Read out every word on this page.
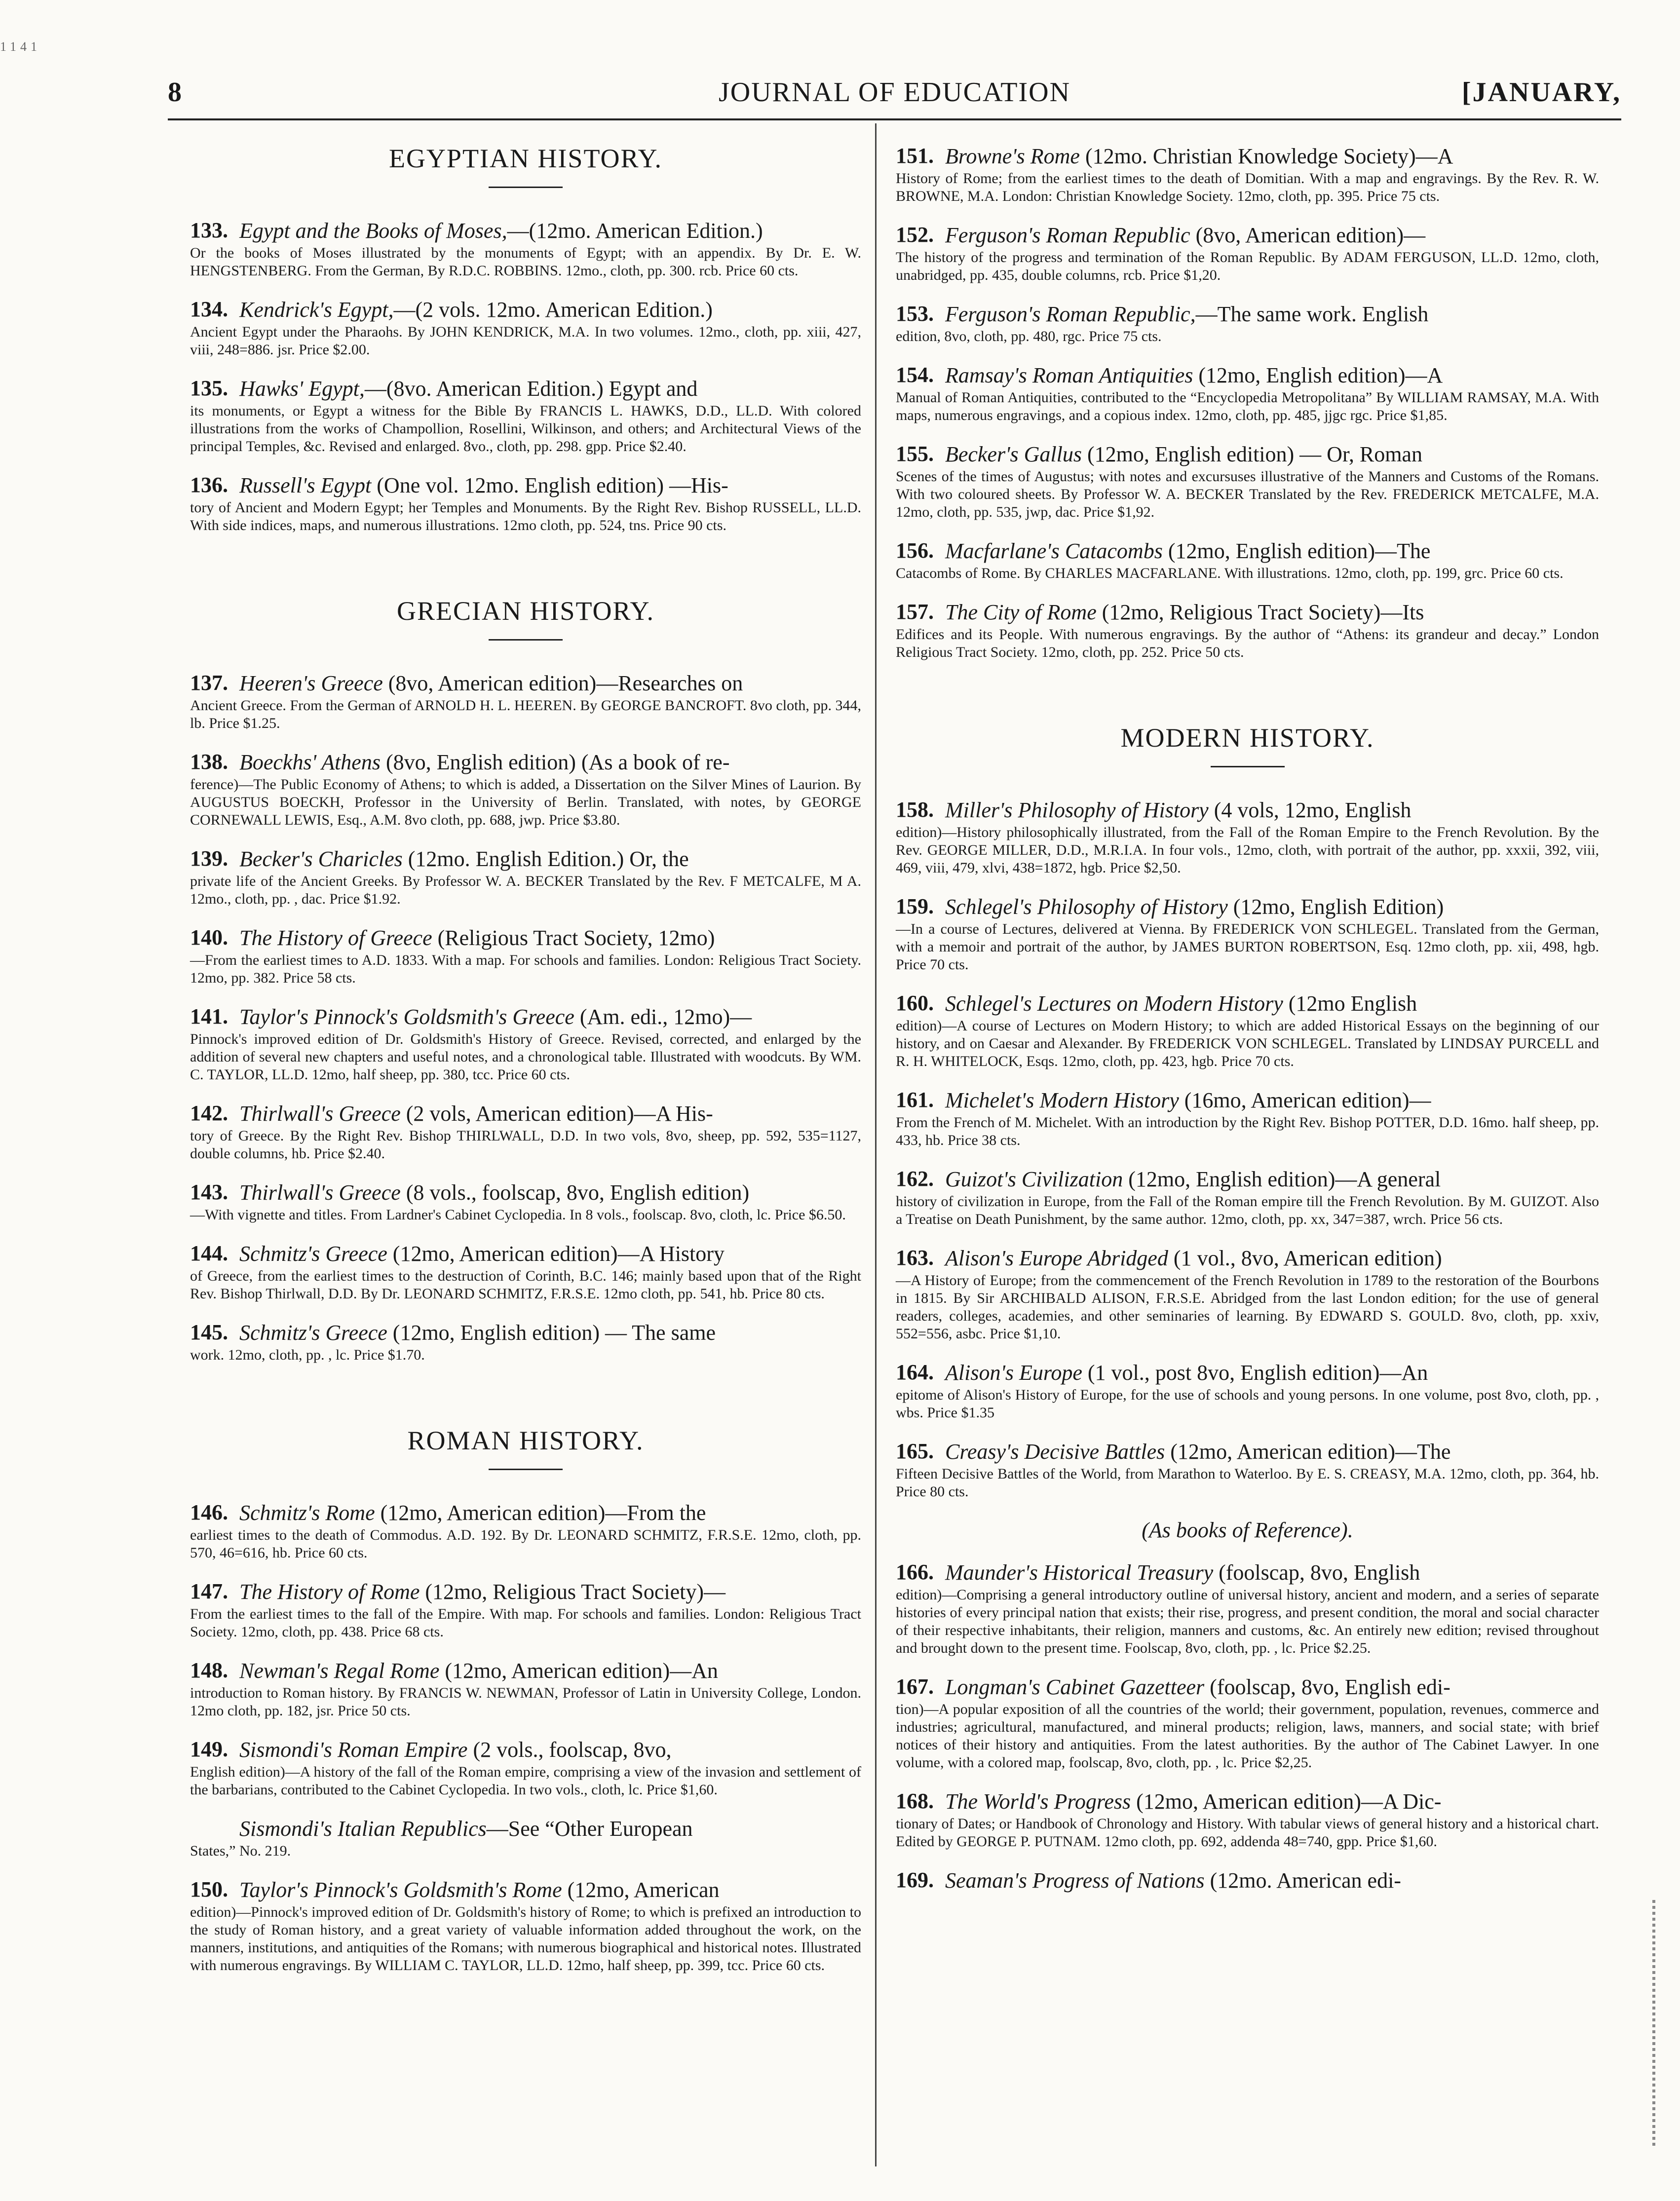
1141
8	JOURNAL OF EDUCATION	[JANUARY,
EGYPTIAN HISTORY.
133. Egypt and the Books of Moses,—(12mo. American Edition.)
Or the books of Moses illustrated by the monuments of Egypt; with an appendix. By Dr. E. W. HENGSTENBERG. From the German, By R.D.C. ROBBINS. 12mo., cloth, pp. 300. rcb. Price 60 cts.
134. Kendrick's Egypt,—(2 vols. 12mo. American Edition.)
Ancient Egypt under the Pharaohs. By JOHN KENDRICK, M.A. In two volumes. 12mo., cloth, pp. xiii, 427, viii, 248=886. jsr. Price $2.00.
135. Hawks' Egypt,—(8vo. American Edition.) Egypt and
its monuments, or Egypt a witness for the Bible By FRANCIS L. HAWKS, D.D., LL.D. With colored illustrations from the works of Champollion, Rosellini, Wilkinson, and others; and Architectural Views of the principal Temples, &c. Revised and enlarged. 8vo., cloth, pp. 298. gpp. Price $2.40.
136. Russell's Egypt (One vol. 12mo. English edition) —His-
tory of Ancient and Modern Egypt; her Temples and Monuments. By the Right Rev. Bishop RUSSELL, LL.D. With side indices, maps, and numerous illustrations. 12mo cloth, pp. 524, tns. Price 90 cts.
GRECIAN HISTORY.
137. Heeren's Greece (8vo, American edition)—Researches on
Ancient Greece. From the German of ARNOLD H. L. HEEREN. By GEORGE BANCROFT. 8vo cloth, pp. 344, lb. Price $1.25.
138. Boeckhs' Athens (8vo, English edition) (As a book of re-
ference)—The Public Economy of Athens; to which is added, a Dissertation on the Silver Mines of Laurion. By AUGUSTUS BOECKH, Professor in the University of Berlin. Translated, with notes, by GEORGE CORNEWALL LEWIS, Esq., A.M. 8vo cloth, pp. 688, jwp. Price $3.80.
139. Becker's Charicles (12mo. English Edition.) Or, the
private life of the Ancient Greeks. By Professor W. A. BECKER Translated by the Rev. F METCALFE, M A. 12mo., cloth, pp. , dac. Price $1.92.
140. The History of Greece (Religious Tract Society, 12mo)
—From the earliest times to A.D. 1833. With a map. For schools and families. London: Religious Tract Society. 12mo, pp. 382. Price 58 cts.
141. Taylor's Pinnock's Goldsmith's Greece (Am. edi., 12mo)—
Pinnock's improved edition of Dr. Goldsmith's History of Greece. Revised, corrected, and enlarged by the addition of several new chapters and useful notes, and a chronological table. Illustrated with woodcuts. By WM. C. TAYLOR, LL.D. 12mo, half sheep, pp. 380, tcc. Price 60 cts.
142. Thirlwall's Greece (2 vols, American edition)—A His-
tory of Greece. By the Right Rev. Bishop THIRLWALL, D.D. In two vols, 8vo, sheep, pp. 592, 535=1127, double columns, hb. Price $2.40.
143. Thirlwall's Greece (8 vols., foolscap, 8vo, English edition)
—With vignette and titles. From Lardner's Cabinet Cyclopedia. In 8 vols., foolscap. 8vo, cloth, lc. Price $6.50.
144. Schmitz's Greece (12mo, American edition)—A History
of Greece, from the earliest times to the destruction of Corinth, B.C. 146; mainly based upon that of the Right Rev. Bishop Thirlwall, D.D. By Dr. LEONARD SCHMITZ, F.R.S.E. 12mo cloth, pp. 541, hb. Price 80 cts.
145. Schmitz's Greece (12mo, English edition) — The same
work. 12mo, cloth, pp. , lc. Price $1.70.
ROMAN HISTORY.
146. Schmitz's Rome (12mo, American edition)—From the
earliest times to the death of Commodus. A.D. 192. By Dr. LEONARD SCHMITZ, F.R.S.E. 12mo, cloth, pp. 570, 46=616, hb. Price 60 cts.
147. The History of Rome (12mo, Religious Tract Society)—
From the earliest times to the fall of the Empire. With map. For schools and families. London: Religious Tract Society. 12mo, cloth, pp. 438. Price 68 cts.
148. Newman's Regal Rome (12mo, American edition)—An
introduction to Roman history. By FRANCIS W. NEWMAN, Professor of Latin in University College, London. 12mo cloth, pp. 182, jsr. Price 50 cts.
149. Sismondi's Roman Empire (2 vols., foolscap, 8vo,
English edition)—A history of the fall of the Roman empire, comprising a view of the invasion and settlement of the barbarians, contributed to the Cabinet Cyclopedia. In two vols., cloth, lc. Price $1,60.
Sismondi's Italian Republics—See “Other European
States,” No. 219.
150. Taylor's Pinnock's Goldsmith's Rome (12mo, American
edition)—Pinnock's improved edition of Dr. Goldsmith's history of Rome; to which is prefixed an introduction to the study of Roman history, and a great variety of valuable information added throughout the work, on the manners, institutions, and antiquities of the Romans; with numerous biographical and historical notes. Illustrated with numerous engravings. By WILLIAM C. TAYLOR, LL.D. 12mo, half sheep, pp. 399, tcc. Price 60 cts.
151. Browne's Rome (12mo. Christian Knowledge Society)—A
History of Rome; from the earliest times to the death of Domitian. With a map and engravings. By the Rev. R. W. BROWNE, M.A. London: Christian Knowledge Society. 12mo, cloth, pp. 395. Price 75 cts.
152. Ferguson's Roman Republic (8vo, American edition)—
The history of the progress and termination of the Roman Republic. By ADAM FERGUSON, LL.D. 12mo, cloth, unabridged, pp. 435, double columns, rcb. Price $1,20.
153. Ferguson's Roman Republic,—The same work. English
edition, 8vo, cloth, pp. 480, rgc. Price 75 cts.
154. Ramsay's Roman Antiquities (12mo, English edition)—A
Manual of Roman Antiquities, contributed to the “Encyclopedia Metropolitana” By WILLIAM RAMSAY, M.A. With maps, numerous engravings, and a copious index. 12mo, cloth, pp. 485, jjgc rgc. Price $1,85.
155. Becker's Gallus (12mo, English edition) — Or, Roman
Scenes of the times of Augustus; with notes and excursuses illustrative of the Manners and Customs of the Romans. With two coloured sheets. By Professor W. A. BECKER Translated by the Rev. FREDERICK METCALFE, M.A. 12mo, cloth, pp. 535, jwp, dac. Price $1,92.
156. Macfarlane's Catacombs (12mo, English edition)—The
Catacombs of Rome. By CHARLES MACFARLANE. With illustrations. 12mo, cloth, pp. 199, grc. Price 60 cts.
157. The City of Rome (12mo, Religious Tract Society)—Its
Edifices and its People. With numerous engravings. By the author of “Athens: its grandeur and decay.” London Religious Tract Society. 12mo, cloth, pp. 252. Price 50 cts.
MODERN HISTORY.
158. Miller's Philosophy of History (4 vols, 12mo, English
edition)—History philosophically illustrated, from the Fall of the Roman Empire to the French Revolution. By the Rev. GEORGE MILLER, D.D., M.R.I.A. In four vols., 12mo, cloth, with portrait of the author, pp. xxxii, 392, viii, 469, viii, 479, xlvi, 438=1872, hgb. Price $2,50.
159. Schlegel's Philosophy of History (12mo, English Edition)
—In a course of Lectures, delivered at Vienna. By FREDERICK VON SCHLEGEL. Translated from the German, with a memoir and portrait of the author, by JAMES BURTON ROBERTSON, Esq. 12mo cloth, pp. xii, 498, hgb. Price 70 cts.
160. Schlegel's Lectures on Modern History (12mo English
edition)—A course of Lectures on Modern History; to which are added Historical Essays on the beginning of our history, and on Caesar and Alexander. By FREDERICK VON SCHLEGEL. Translated by LINDSAY PURCELL and R. H. WHITELOCK, Esqs. 12mo, cloth, pp. 423, hgb. Price 70 cts.
161. Michelet's Modern History (16mo, American edition)—
From the French of M. Michelet. With an introduction by the Right Rev. Bishop POTTER, D.D. 16mo. half sheep, pp. 433, hb. Price 38 cts.
162. Guizot's Civilization (12mo, English edition)—A general
history of civilization in Europe, from the Fall of the Roman empire till the French Revolution. By M. GUIZOT. Also a Treatise on Death Punishment, by the same author. 12mo, cloth, pp. xx, 347=387, wrch. Price 56 cts.
163. Alison's Europe Abridged (1 vol., 8vo, American edition)
—A History of Europe; from the commencement of the French Revolution in 1789 to the restoration of the Bourbons in 1815. By Sir ARCHIBALD ALISON, F.R.S.E. Abridged from the last London edition; for the use of general readers, colleges, academies, and other seminaries of learning. By EDWARD S. GOULD. 8vo, cloth, pp. xxiv, 552=556, asbc. Price $1,10.
164. Alison's Europe (1 vol., post 8vo, English edition)—An
epitome of Alison's History of Europe, for the use of schools and young persons. In one volume, post 8vo, cloth, pp. , wbs. Price $1.35
165. Creasy's Decisive Battles (12mo, American edition)—The
Fifteen Decisive Battles of the World, from Marathon to Waterloo. By E. S. CREASY, M.A. 12mo, cloth, pp. 364, hb. Price 80 cts.
(As books of Reference).
166. Maunder's Historical Treasury (foolscap, 8vo, English
edition)—Comprising a general introductory outline of universal history, ancient and modern, and a series of separate histories of every principal nation that exists; their rise, progress, and present condition, the moral and social character of their respective inhabitants, their religion, manners and customs, &c. An entirely new edition; revised throughout and brought down to the present time. Foolscap, 8vo, cloth, pp. , lc. Price $2.25.
167. Longman's Cabinet Gazetteer (foolscap, 8vo, English edi-
tion)—A popular exposition of all the countries of the world; their government, population, revenues, commerce and industries; agricultural, manufactured, and mineral products; religion, laws, manners, and social state; with brief notices of their history and antiquities. From the latest authorities. By the author of The Cabinet Lawyer. In one volume, with a colored map, foolscap, 8vo, cloth, pp. , lc. Price $2,25.
168. The World's Progress (12mo, American edition)—A Dic-
tionary of Dates; or Handbook of Chronology and History. With tabular views of general history and a historical chart. Edited by GEORGE P. PUTNAM. 12mo cloth, pp. 692, addenda 48=740, gpp. Price $1,60.
169. Seaman's Progress of Nations (12mo. American edi-
